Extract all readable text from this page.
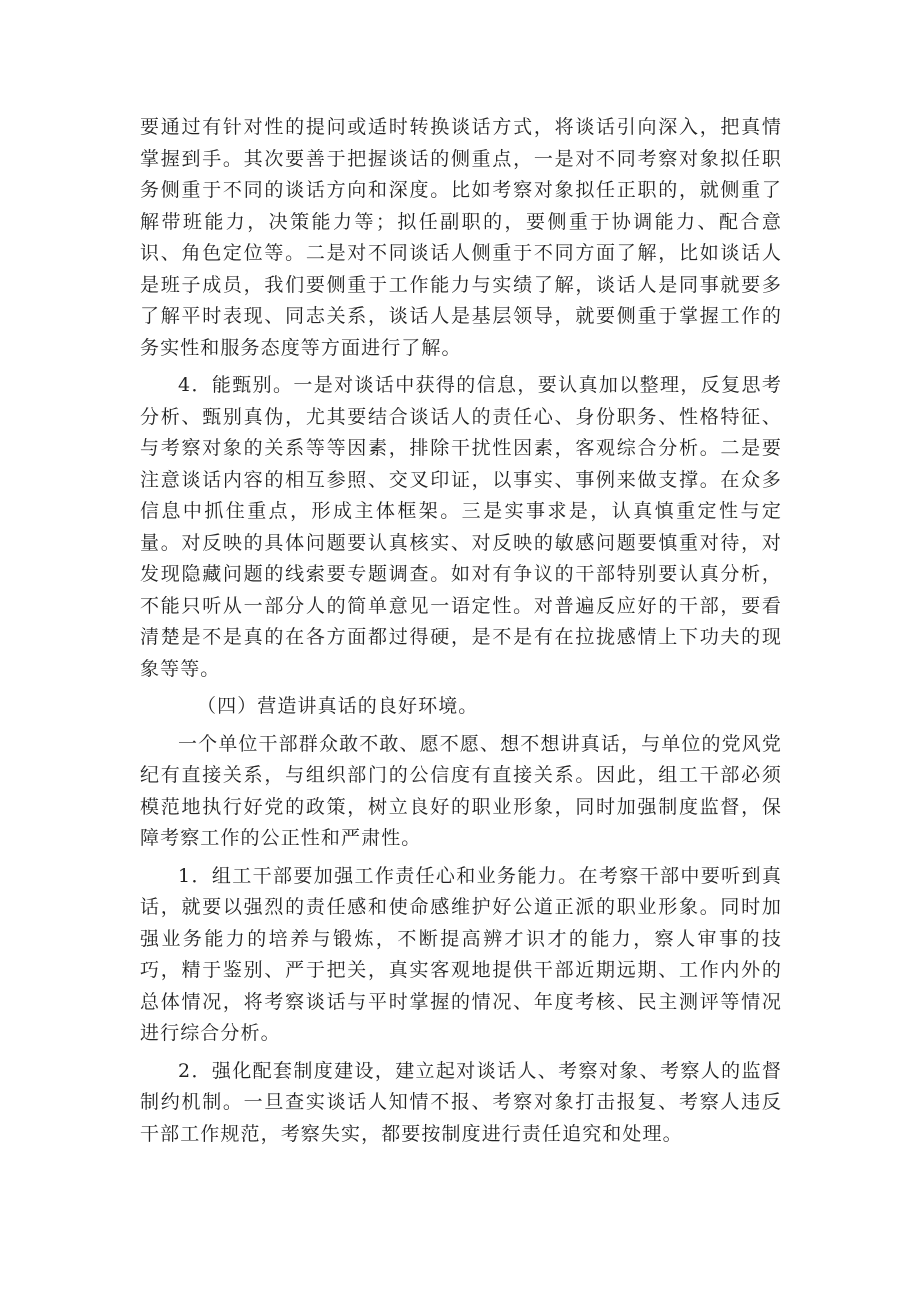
要通过有针对性的提问或适时转换谈话方式，将谈话引向深入，把真情掌握到手。其次要善于把握谈话的侧重点，一是对不同考察对象拟任职务侧重于不同的谈话方向和深度。比如考察对象拟任正职的，就侧重了解带班能力，决策能力等；拟任副职的，要侧重于协调能力、配合意识、角色定位等。二是对不同谈话人侧重于不同方面了解，比如谈话人是班子成员，我们要侧重于工作能力与实绩了解，谈话人是同事就要多了解平时表现、同志关系，谈话人是基层领导，就要侧重于掌握工作的务实性和服务态度等方面进行了解。

4．能甄别。一是对谈话中获得的信息，要认真加以整理，反复思考分析、甄别真伪，尤其要结合谈话人的责任心、身份职务、性格特征、与考察对象的关系等等因素，排除干扰性因素，客观综合分析。二是要注意谈话内容的相互参照、交叉印证，以事实、事例来做支撑。在众多信息中抓住重点，形成主体框架。三是实事求是，认真慎重定性与定量。对反映的具体问题要认真核实、对反映的敏感问题要慎重对待，对发现隐藏问题的线索要专题调查。如对有争议的干部特别要认真分析，不能只听从一部分人的简单意见一语定性。对普遍反应好的干部，要看清楚是不是真的在各方面都过得硬，是不是有在拉拢感情上下功夫的现象等等。

（四）营造讲真话的良好环境。

一个单位干部群众敢不敢、愿不愿、想不想讲真话，与单位的党风党纪有直接关系，与组织部门的公信度有直接关系。因此，组工干部必须模范地执行好党的政策，树立良好的职业形象，同时加强制度监督，保障考察工作的公正性和严肃性。

1．组工干部要加强工作责任心和业务能力。在考察干部中要听到真话，就要以强烈的责任感和使命感维护好公道正派的职业形象。同时加强业务能力的培养与锻炼，不断提高辨才识才的能力，察人审事的技巧，精于鉴别、严于把关，真实客观地提供干部近期远期、工作内外的总体情况，将考察谈话与平时掌握的情况、年度考核、民主测评等情况进行综合分析。

2．强化配套制度建设，建立起对谈话人、考察对象、考察人的监督制约机制。一旦查实谈话人知情不报、考察对象打击报复、考察人违反干部工作规范，考察失实，都要按制度进行责任追究和处理。
